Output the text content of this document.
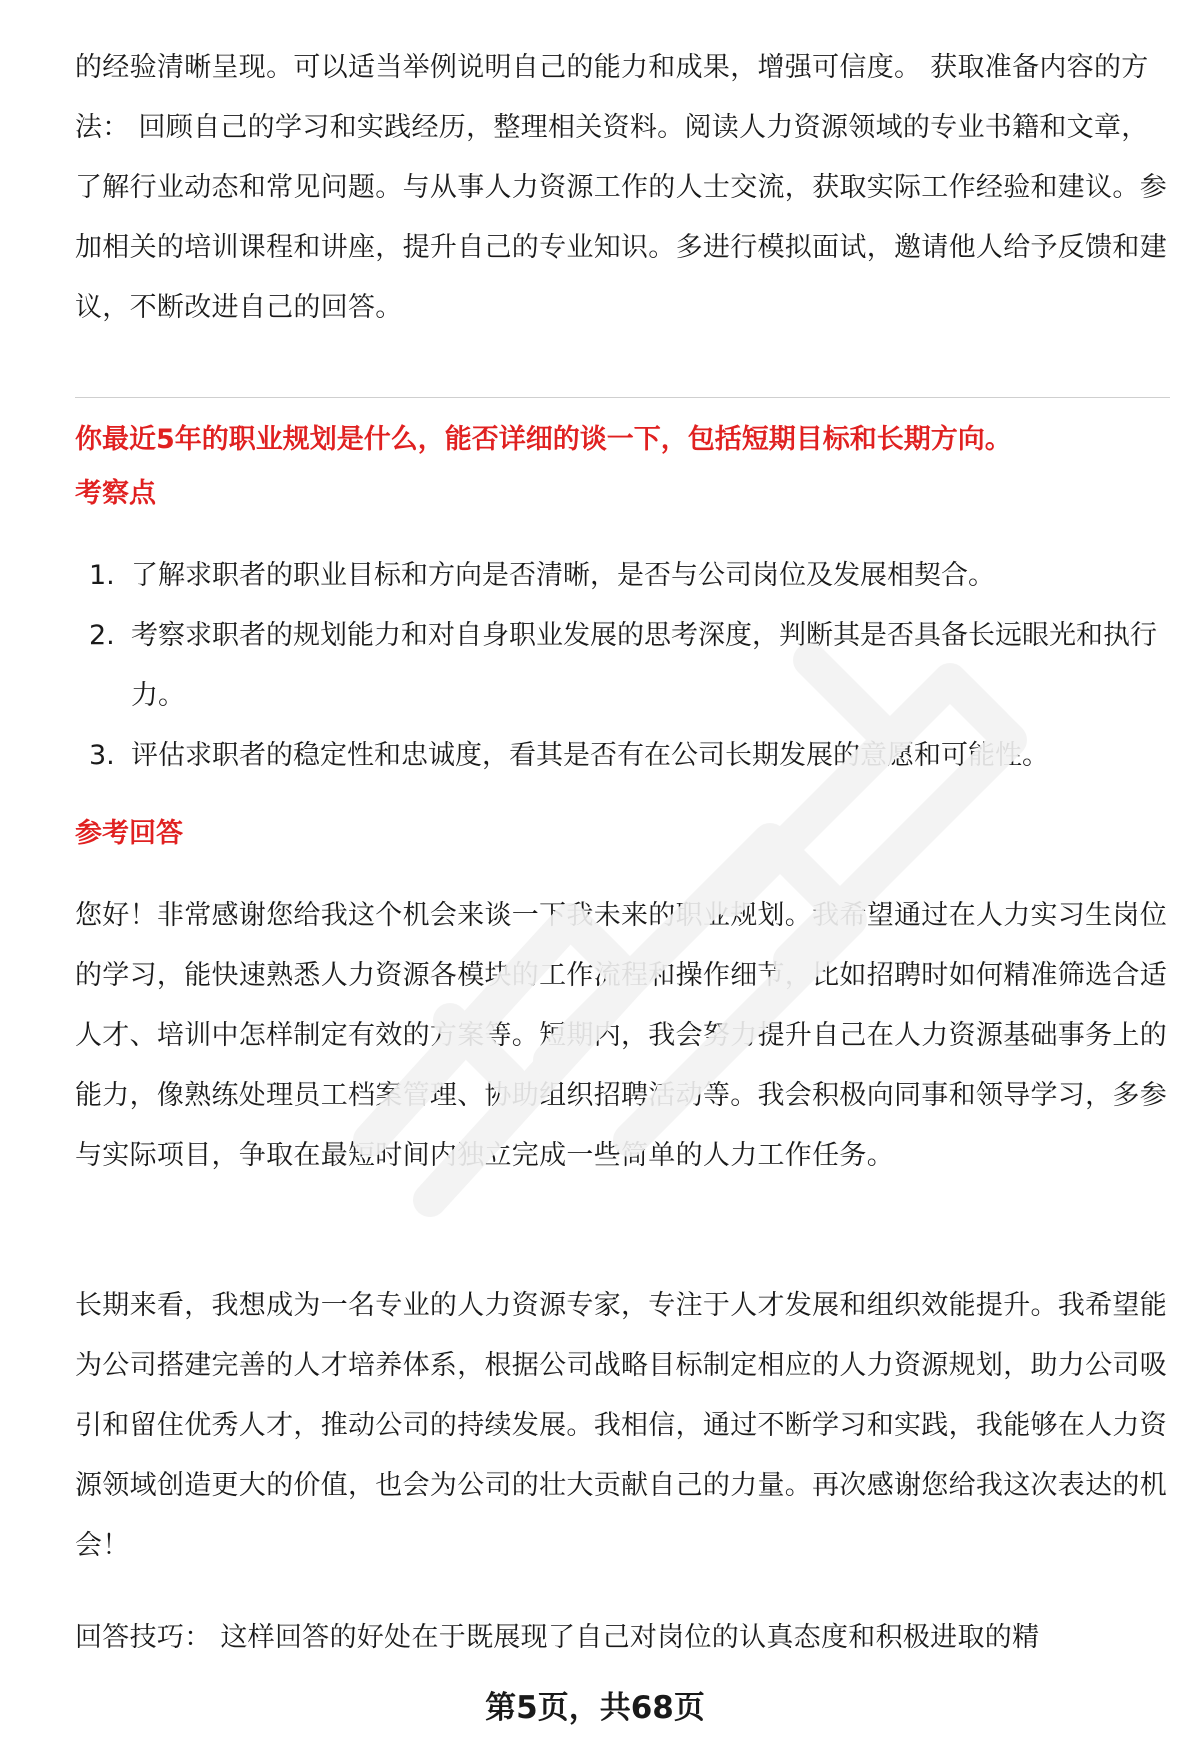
的经验清晰呈现。可以适当举例说明自己的能力和成果，增强可信度。 获取准备内容的方法： 回顾自己的学习和实践经历，整理相关资料。阅读人力资源领域的专业书籍和文章，了解行业动态和常见问题。与从事人力资源工作的人士交流，获取实际工作经验和建议。参加相关的培训课程和讲座，提升自己的专业知识。多进行模拟面试，邀请他人给予反馈和建议，不断改进自己的回答。

你最近5年的职业规划是什么，能否详细的谈一下，包括短期目标和长期方向。

考察点

1. 了解求职者的职业目标和方向是否清晰，是否与公司岗位及发展相契合。
2. 考察求职者的规划能力和对自身职业发展的思考深度，判断其是否具备长远眼光和执行力。
3. 评估求职者的稳定性和忠诚度，看其是否有在公司长期发展的意愿和可能性。

参考回答

您好！非常感谢您给我这个机会来谈一下我未来的职业规划。我希望通过在人力实习生岗位的学习，能快速熟悉人力资源各模块的工作流程和操作细节，比如招聘时如何精准筛选合适人才、培训中怎样制定有效的方案等。短期内，我会努力提升自己在人力资源基础事务上的能力，像熟练处理员工档案管理、协助组织招聘活动等。我会积极向同事和领导学习，多参与实际项目，争取在最短时间内独立完成一些简单的人力工作任务。

长期来看，我想成为一名专业的人力资源专家，专注于人才发展和组织效能提升。我希望能为公司搭建完善的人才培养体系，根据公司战略目标制定相应的人力资源规划，助力公司吸引和留住优秀人才，推动公司的持续发展。我相信，通过不断学习和实践，我能够在人力资源领域创造更大的价值，也会为公司的壮大贡献自己的力量。再次感谢您给我这次表达的机会！

回答技巧： 这样回答的好处在于既展现了自己对岗位的认真态度和积极进取的精

第5页，共68页
